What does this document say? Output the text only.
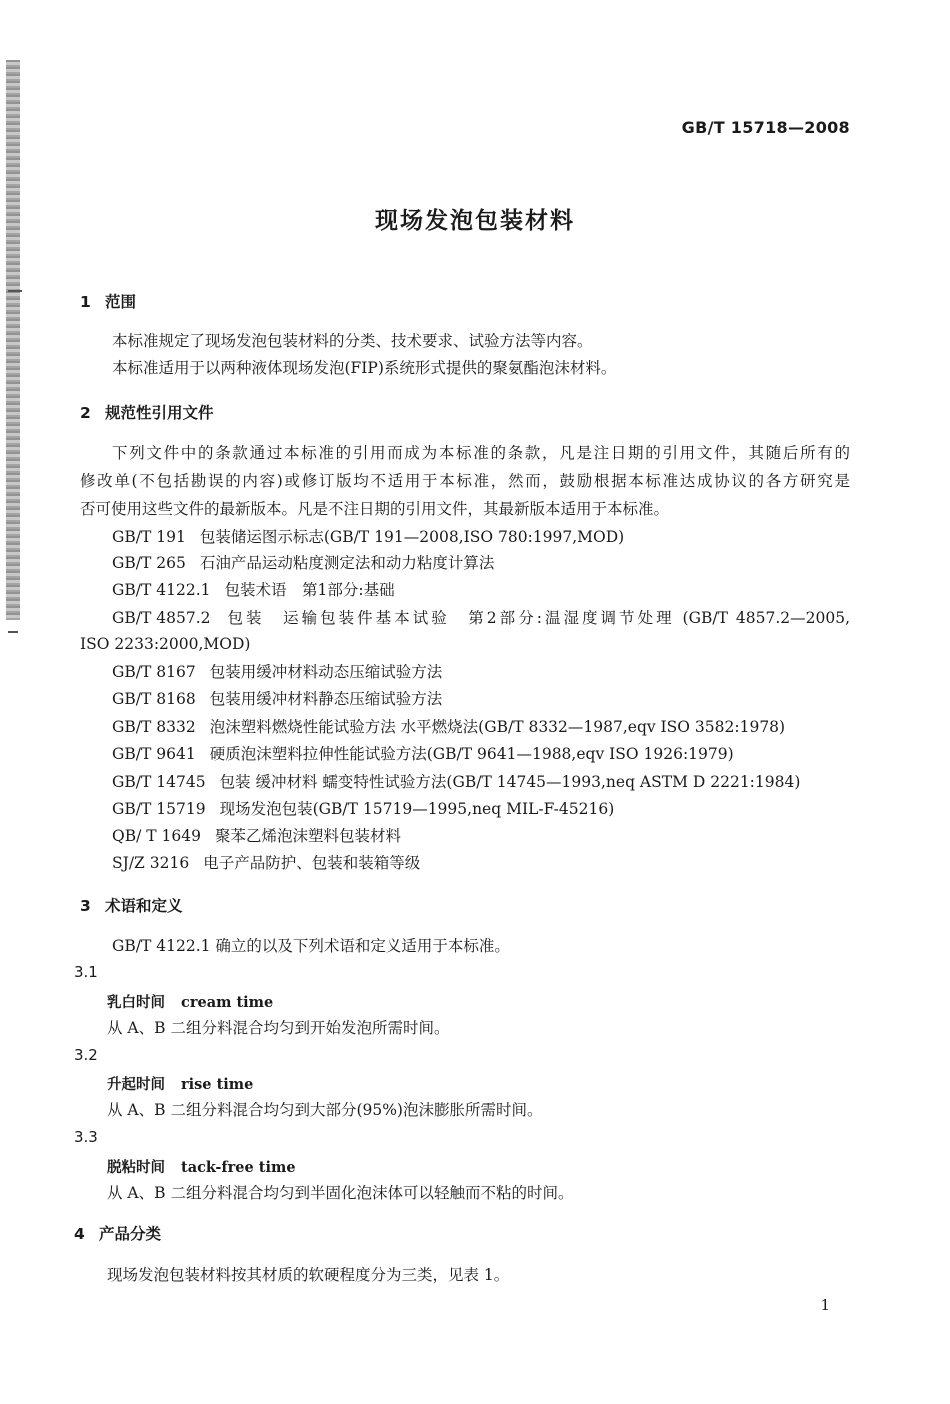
GB/T 15718—2008
现场发泡包装材料
1 范围
本标准规定了现场发泡包装材料的分类、技术要求、试验方法等内容。
本标准适用于以两种液体现场发泡(FIP)系统形式提供的聚氨酯泡沫材料。
2 规范性引用文件
下列文件中的条款通过本标准的引用而成为本标准的条款，凡是注日期的引用文件，其随后所有的
修改单(不包括勘误的内容)或修订版均不适用于本标准，然而，鼓励根据本标准达成协议的各方研究是
否可使用这些文件的最新版本。凡是不注日期的引用文件，其最新版本适用于本标准。
GB/T 191 包装储运图示标志(GB/T 191—2008,ISO 780:1997,MOD)
GB/T 265 石油产品运动粘度测定法和动力粘度计算法
GB/T 4122.1 包装术语　第1部分:基础
GB/T 4857.2 包装　运输包装件基本试验　第2部分:温湿度调节处理 (GB/T 4857.2—2005,
ISO 2233:2000,MOD)
GB/T 8167 包装用缓冲材料动态压缩试验方法
GB/T 8168 包装用缓冲材料静态压缩试验方法
GB/T 8332 泡沫塑料燃烧性能试验方法 水平燃烧法(GB/T 8332—1987,eqv ISO 3582:1978)
GB/T 9641 硬质泡沫塑料拉伸性能试验方法(GB/T 9641—1988,eqv ISO 1926:1979)
GB/T 14745 包装 缓冲材料 蠕变特性试验方法(GB/T 14745—1993,neq ASTM D 2221:1984)
GB/T 15719 现场发泡包装(GB/T 15719—1995,neq MIL-F-45216)
QB/ T 1649 聚苯乙烯泡沫塑料包装材料
SJ/Z 3216 电子产品防护、包装和装箱等级
3 术语和定义
GB/T 4122.1 确立的以及下列术语和定义适用于本标准。
3.1
乳白时间 cream time
从 A、B 二组分料混合均匀到开始发泡所需时间。
3.2
升起时间 rise time
从 A、B 二组分料混合均匀到大部分(95%)泡沫膨胀所需时间。
3.3
脱粘时间 tack-free time
从 A、B 二组分料混合均匀到半固化泡沫体可以轻触而不粘的时间。
4 产品分类
现场发泡包装材料按其材质的软硬程度分为三类，见表 1。
1
